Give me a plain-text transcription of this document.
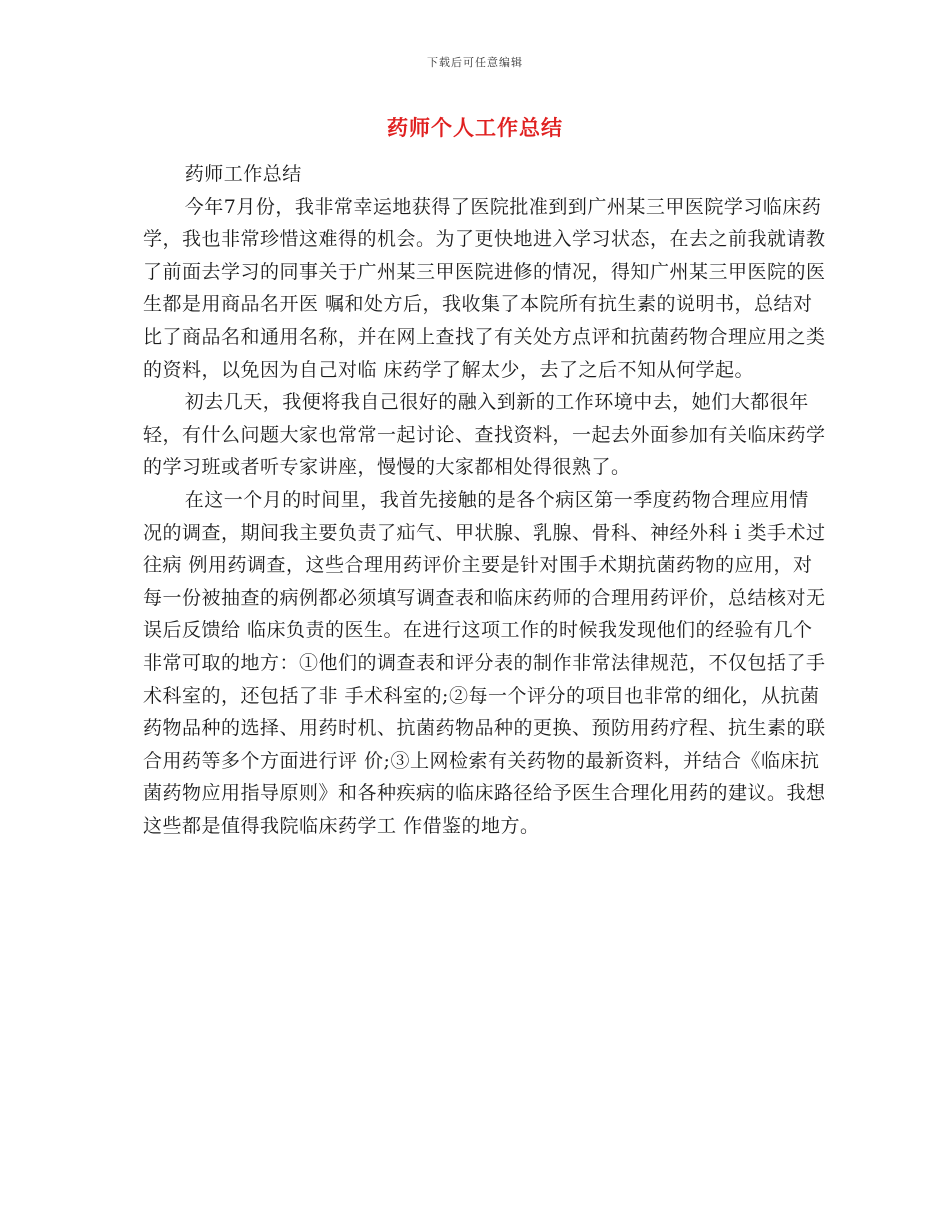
下载后可任意编辑
药师个人工作总结

药师工作总结

今年7月份，我非常幸运地获得了医院批准到到广州某三甲医院学习临床药学，我也非常珍惜这难得的机会。为了更快地进入学习状态，在去之前我就请教了前面去学习的同事关于广州某三甲医院进修的情况，得知广州某三甲医院的医生都是用商品名开医 嘱和处方后，我收集了本院所有抗生素的说明书，总结对比了商品名和通用名称，并在网上查找了有关处方点评和抗菌药物合理应用之类的资料，以免因为自己对临 床药学了解太少，去了之后不知从何学起。

初去几天，我便将我自己很好的融入到新的工作环境中去，她们大都很年轻，有什么问题大家也常常一起讨论、查找资料，一起去外面参加有关临床药学的学习班或者听专家讲座，慢慢的大家都相处得很熟了。

在这一个月的时间里，我首先接触的是各个病区第一季度药物合理应用情况的调查，期间我主要负责了疝气、甲状腺、乳腺、骨科、神经外科ｉ类手术过往病 例用药调查，这些合理用药评价主要是针对围手术期抗菌药物的应用，对每一份被抽查的病例都必须填写调查表和临床药师的合理用药评价，总结核对无误后反馈给 临床负责的医生。在进行这项工作的时候我发现他们的经验有几个非常可取的地方：①他们的调查表和评分表的制作非常法律规范，不仅包括了手术科室的，还包括了非 手术科室的;②每一个评分的项目也非常的细化，从抗菌药物品种的选择、用药时机、抗菌药物品种的更换、预防用药疗程、抗生素的联合用药等多个方面进行评 价;③上网检索有关药物的最新资料，并结合《临床抗菌药物应用指导原则》和各种疾病的临床路径给予医生合理化用药的建议。我想这些都是值得我院临床药学工 作借鉴的地方。
